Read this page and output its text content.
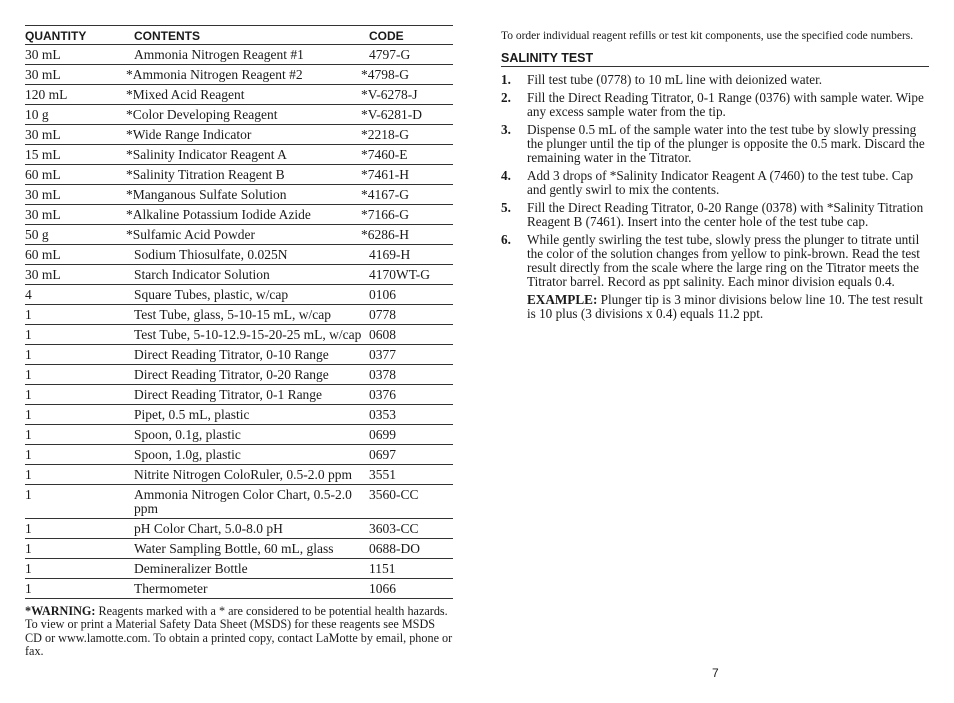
QUANTITY	CONTENTS	CODE
30 mL	Ammonia Nitrogen Reagent #1	4797-G
30 mL	*Ammonia Nitrogen Reagent #2	*4798-G
120 mL	*Mixed Acid Reagent	*V-6278-J
10 g	*Color Developing Reagent	*V-6281-D
30 mL	*Wide Range Indicator	*2218-G
15 mL	*Salinity Indicator Reagent A	*7460-E
60 mL	*Salinity Titration Reagent B	*7461-H
30 mL	*Manganous Sulfate Solution	*4167-G
30 mL	*Alkaline Potassium Iodide Azide	*7166-G
50 g	*Sulfamic Acid Powder	*6286-H
60 mL	Sodium Thiosulfate, 0.025N	4169-H
30 mL	Starch Indicator Solution	4170WT-G
4	Square Tubes, plastic, w/cap	0106
1	Test Tube, glass, 5-10-15 mL, w/cap	0778
1	Test Tube, 5-10-12.9-15-20-25 mL, w/cap	0608
1	Direct Reading Titrator, 0-10 Range	0377
1	Direct Reading Titrator, 0-20 Range	0378
1	Direct Reading Titrator, 0-1 Range	0376
1	Pipet, 0.5 mL, plastic	0353
1	Spoon, 0.1g, plastic	0699
1	Spoon, 1.0g, plastic	0697
1	Nitrite Nitrogen ColoRuler, 0.5-2.0 ppm	3551
1	Ammonia Nitrogen Color Chart, 0.5-2.0 ppm	3560-CC
1	pH Color Chart, 5.0-8.0 pH	3603-CC
1	Water Sampling Bottle, 60 mL, glass	0688-DO
1	Demineralizer Bottle	1151
1	Thermometer	1066
*WARNING: Reagents marked with a * are considered to be potential health hazards. To view or print a Material Safety Data Sheet (MSDS) for these reagents see MSDS CD or www.lamotte.com. To obtain a printed copy, contact LaMotte by email, phone or fax.

To order individual reagent refills or test kit components, use the specified code numbers.

SALINITY TEST
1. Fill test tube (0778) to 10 mL line with deionized water.
2. Fill the Direct Reading Titrator, 0-1 Range (0376) with sample water. Wipe any excess sample water from the tip.
3. Dispense 0.5 mL of the sample water into the test tube by slowly pressing the plunger until the tip of the plunger is opposite the 0.5 mark. Discard the remaining water in the Titrator.
4. Add 3 drops of *Salinity Indicator Reagent A (7460) to the test tube. Cap and gently swirl to mix the contents.
5. Fill the Direct Reading Titrator, 0-20 Range (0378) with *Salinity Titration Reagent B (7461). Insert into the center hole of the test tube cap.
6. While gently swirling the test tube, slowly press the plunger to titrate until the color of the solution changes from yellow to pink-brown. Read the test result directly from the scale where the large ring on the Titrator meets the Titrator barrel. Record as ppt salinity. Each minor division equals 0.4.
EXAMPLE: Plunger tip is 3 minor divisions below line 10. The test result is 10 plus (3 divisions x 0.4) equals 11.2 ppt.
7
